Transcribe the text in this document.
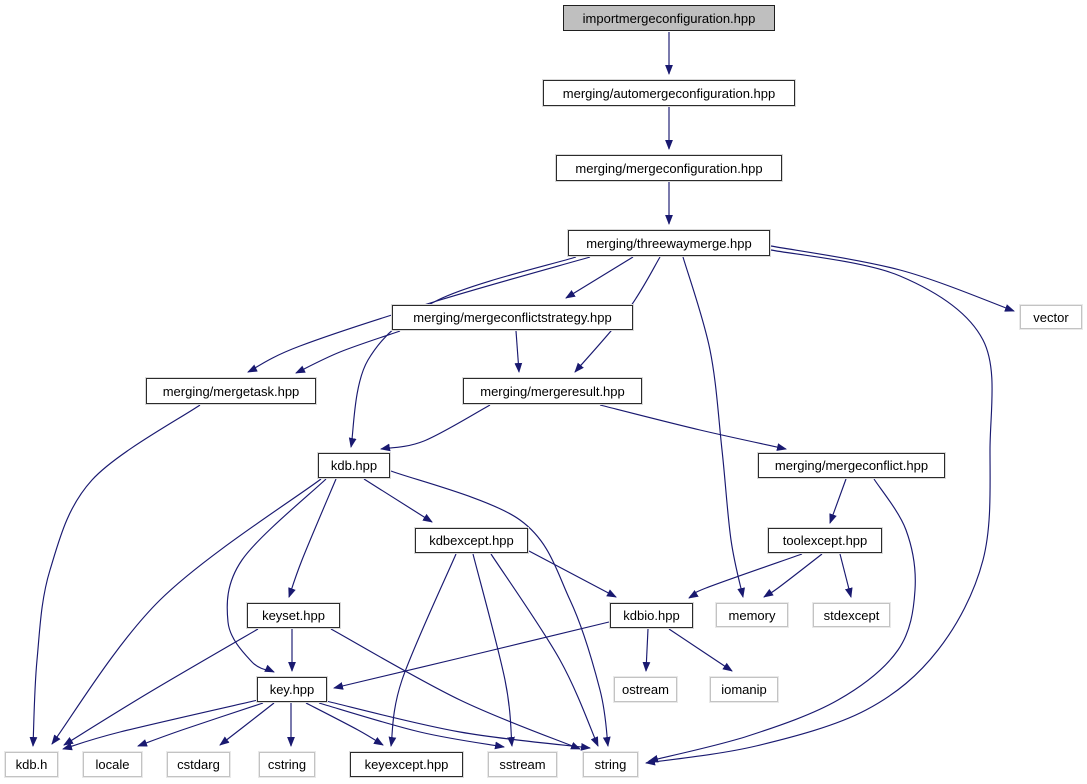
importmergeconfiguration.hpp
merging/automergeconfiguration.hpp
merging/mergeconfiguration.hpp
merging/threewaymerge.hpp
merging/mergeconflictstrategy.hpp	vector
merging/mergetask.hpp	merging/mergeresult.hpp
kdb.hpp	merging/mergeconflict.hpp
kdbexcept.hpp	toolexcept.hpp
keyset.hpp	kdbio.hpp	memory	stdexcept
key.hpp	ostream	iomanip
kdb.h	locale	cstdarg	cstring	keyexcept.hpp	sstream	string
